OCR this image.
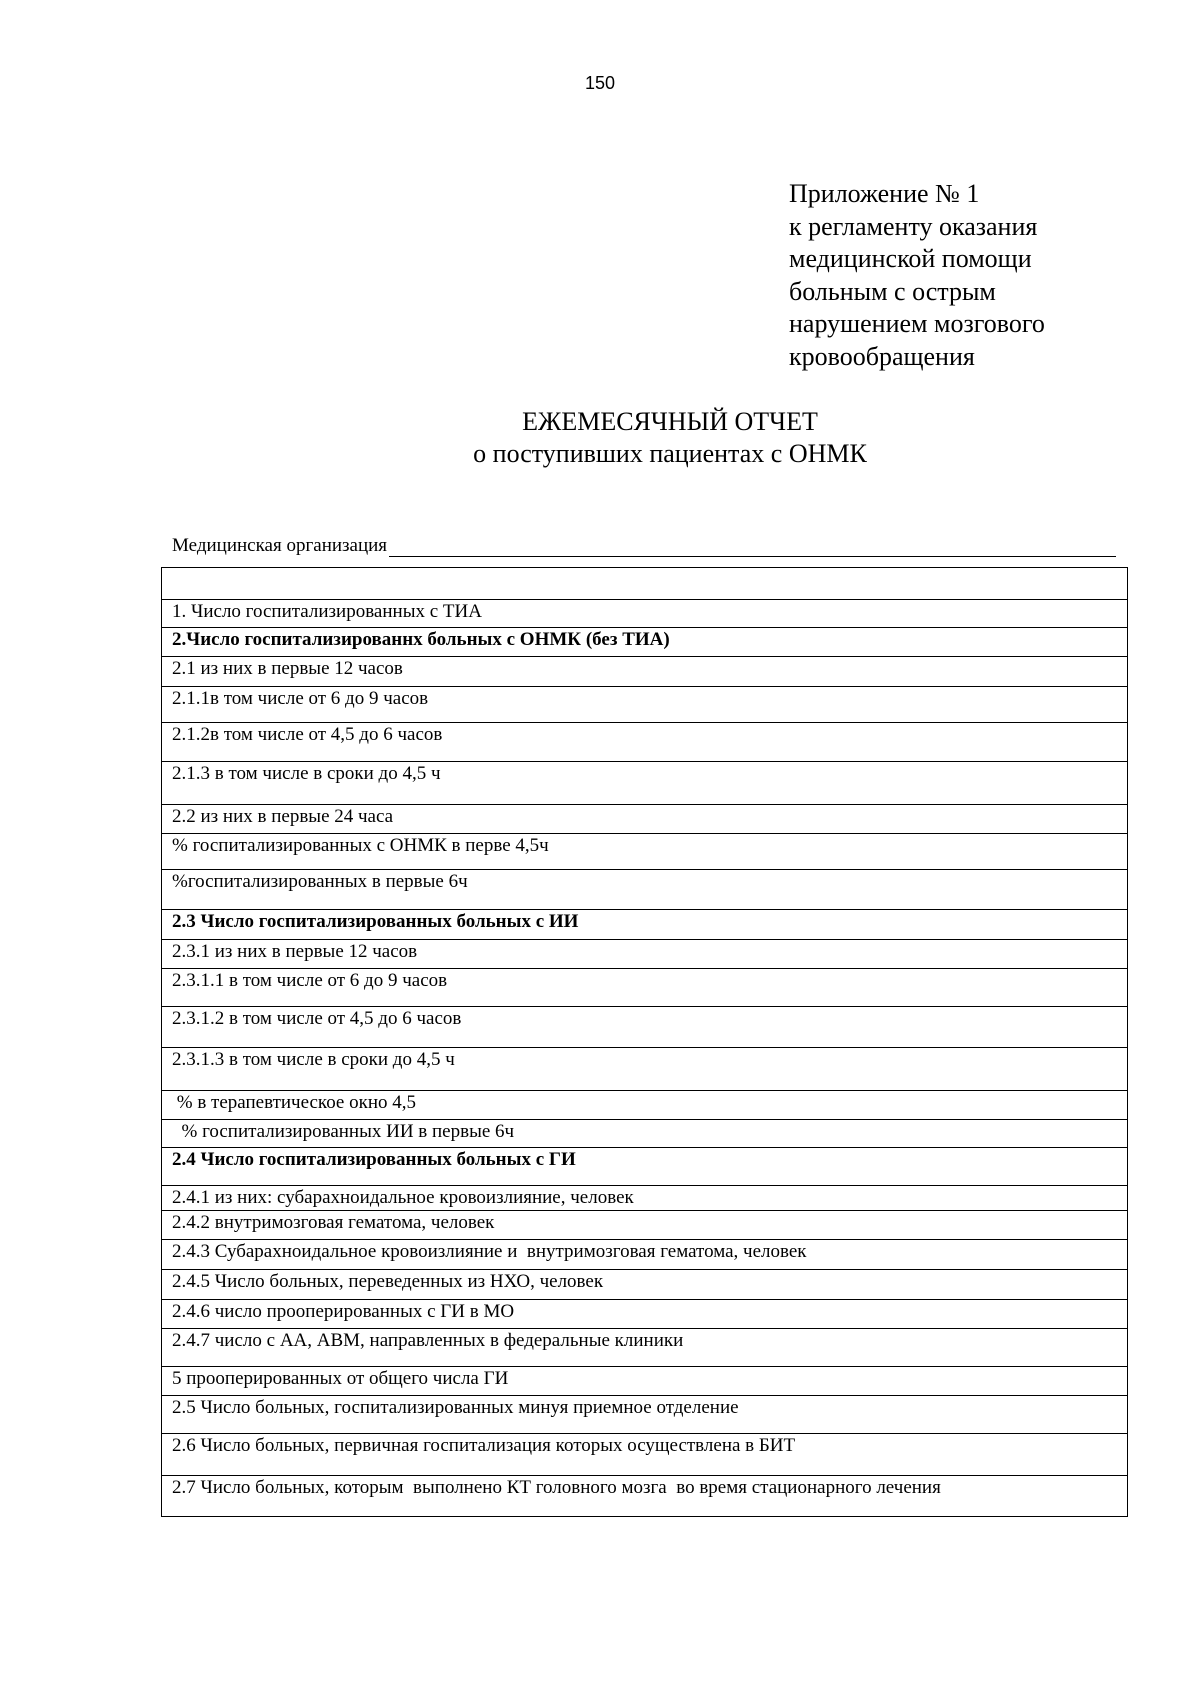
150
Приложение № 1
к регламенту оказания
медицинской помощи
больным с острым
нарушением мозгового
кровообращения
ЕЖЕМЕСЯЧНЫЙ ОТЧЕТ
о поступивших пациентах с ОНМК
Медицинская организация
1. Число госпитализированных с ТИА
2.Число госпитализированнх больных с ОНМК (без ТИА)
2.1 из них в первые 12 часов
2.1.1в том числе от 6 до 9 часов
2.1.2в том числе от 4,5 до 6 часов
2.1.3 в том числе в сроки до 4,5 ч
2.2 из них в первые 24 часа
% госпитализированных с ОНМК в перве 4,5ч
%госпитализированных в первые 6ч
2.3 Число госпитализированных больных с ИИ
2.3.1 из них в первые 12 часов
2.3.1.1 в том числе от 6 до 9 часов
2.3.1.2 в том числе от 4,5 до 6 часов
2.3.1.3 в том числе в сроки до 4,5 ч
% в терапевтическое окно 4,5
% госпитализированных ИИ в первые 6ч
2.4 Число госпитализированных больных с ГИ
2.4.1 из них: субарахноидальное кровоизлияние, человек
2.4.2 внутримозговая гематома, человек
2.4.3 Субарахноидальное кровоизлияние и  внутримозговая гематома, человек
2.4.5 Число больных, переведенных из НХО, человек
2.4.6 число прооперированных с ГИ в МО
2.4.7 число с АА, АВМ, направленных в федеральные клиники
5 прооперированных от общего числа ГИ
2.5 Число больных, госпитализированных минуя приемное отделение
2.6 Число больных, первичная госпитализация которых осуществлена в БИТ
2.7 Число больных, которым  выполнено КТ головного мозга  во время стационарного лечения
